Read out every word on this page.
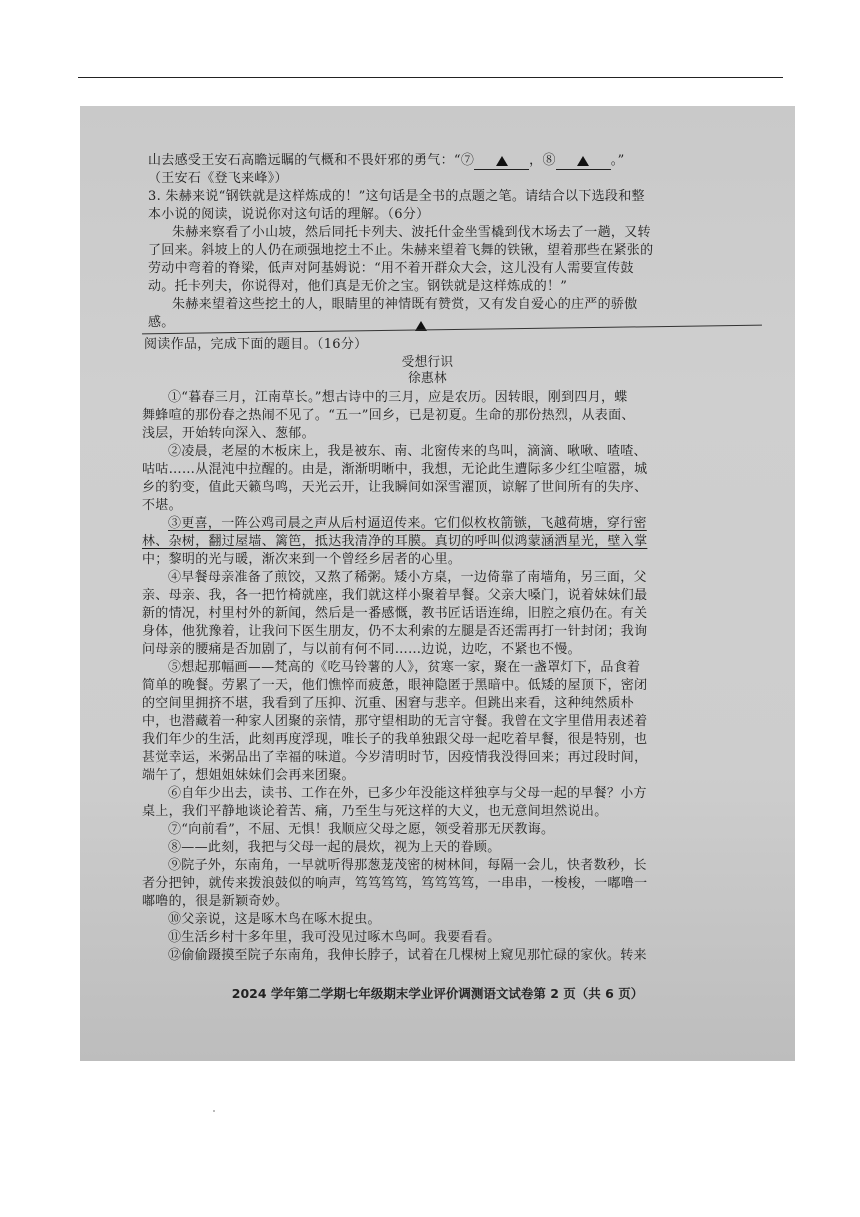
山去感受王安石高瞻远瞩的气概和不畏奸邪的勇气：“⑦	，⑧	。”
（王安石《登飞来峰》）
3. 朱赫来说“钢铁就是这样炼成的！”这句话是全书的点题之笔。请结合以下选段和整
本小说的阅读，说说你对这句话的理解。（6分）
朱赫来察看了小山坡，然后同托卡列夫、波托什金坐雪橇到伐木场去了一趟，又转
了回来。斜坡上的人仍在顽强地挖土不止。朱赫来望着飞舞的铁锹，望着那些在紧张的
劳动中弯着的脊梁，低声对阿基姆说：“用不着开群众大会，这儿没有人需要宣传鼓
动。托卡列夫，你说得对，他们真是无价之宝。钢铁就是这样炼成的！”
朱赫来望着这些挖土的人，眼睛里的神情既有赞赏，又有发自爱心的庄严的骄傲
感。
阅读作品，完成下面的题目。（16分）
受想行识
徐惠林
①“暮春三月，江南草长。”想古诗中的三月，应是农历。因转眼，刚到四月，蝶
舞蜂喧的那份春之热闹不见了。“五一”回乡，已是初夏。生命的那份热烈，从表面、
浅层，开始转向深入、葱郁。
②凌晨，老屋的木板床上，我是被东、南、北窗传来的鸟叫，滴滴、啾啾、喳喳、
咕咕……从混沌中拉醒的。由是，渐渐明晰中，我想，无论此生遭际多少红尘喧嚣，城
乡的豹变，值此天籁鸟鸣，天光云开，让我瞬间如深雪濯顶，谅解了世间所有的失序、
不堪。
③更喜，一阵公鸡司晨之声从后村逼迢传来。它们似枚枚箭镞，飞越荷塘，穿行密
林、杂树，翻过屋墙、篱笆，抵达我清净的耳膜。真切的呼叫似鸿蒙涵洒星光，壁入掌
中；黎明的光与暖，渐次来到一个曾经乡居者的心里。
④早餐母亲准备了煎饺，又熬了稀粥。矮小方桌，一边倚靠了南墙角，另三面，父
亲、母亲、我，各一把竹椅就座，我们就这样小聚着早餐。父亲大嗓门，说着妹妹们最
新的情况，村里村外的新闻，然后是一番感慨，教书匠话语连绵，旧腔之痕仍在。有关
身体，他犹豫着，让我问下医生朋友，仍不太利索的左腿是否还需再打一针封闭；我询
问母亲的腰痛是否加剧了，与以前有何不同……边说，边吃，不紧也不慢。
⑤想起那幅画——梵高的《吃马铃薯的人》，贫寒一家，聚在一盏罩灯下，品食着
简单的晚餐。劳累了一天，他们憔悴而疲惫，眼神隐匿于黑暗中。低矮的屋顶下，密闭
的空间里拥挤不堪，我看到了压抑、沉重、困窘与悲辛。但跳出来看，这种纯然质朴
中，也潜藏着一种家人团聚的亲情，那守望相助的无言守餐。我曾在文字里借用表述着
我们年少的生活，此刻再度浮现，唯长子的我单独跟父母一起吃着早餐，很是特别，也
甚觉幸运，米粥品出了幸福的味道。今岁清明时节，因疫情我没得回来；再过段时间，
端午了，想姐姐妹妹们会再来团聚。
⑥自年少出去，读书、工作在外，已多少年没能这样独享与父母一起的早餐？小方
桌上，我们平静地谈论着苦、痛，乃至生与死这样的大义，也无意间坦然说出。
⑦“向前看”，不屈、无惧！我顺应父母之愿，领受着那无厌教诲。
⑧——此刻，我把与父母一起的晨炊，视为上天的眷顾。
⑨院子外，东南角，一早就听得那葱茏茂密的树林间，每隔一会儿，快者数秒，长
者分把钟，就传来拨浪鼓似的响声，笃笃笃笃，笃笃笃笃，一串串，一梭梭，一嘟噜一
嘟噜的，很是新颖奇妙。
⑩父亲说，这是啄木鸟在啄木捉虫。
⑪生活乡村十多年里，我可没见过啄木鸟呵。我要看看。
⑫偷偷蹑摸至院子东南角，我伸长脖子，试着在几棵树上窥见那忙碌的家伙。转来
2024 学年第二学期七年级期末学业评价调测语文试卷第 2 页（共 6 页）
